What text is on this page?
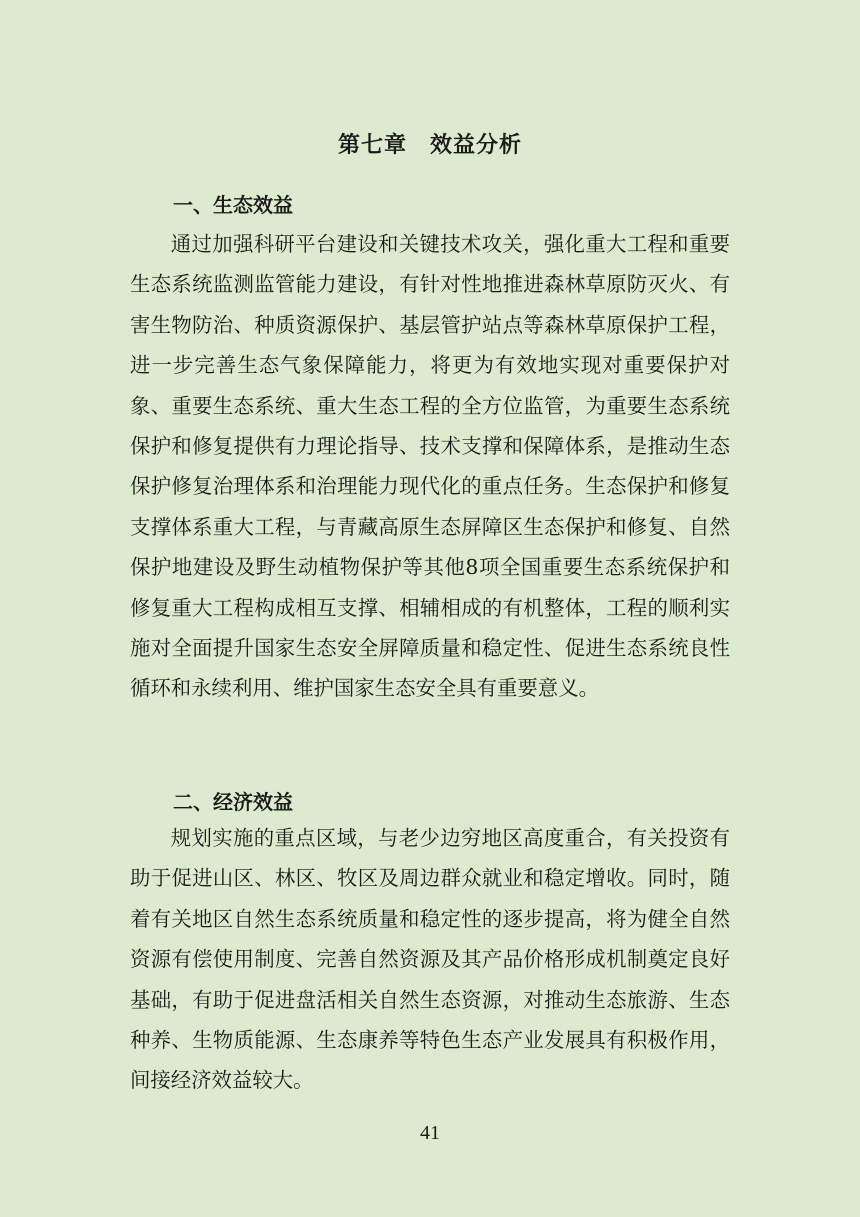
第七章　效益分析
一、生态效益

通过加强科研平台建设和关键技术攻关，强化重大工程和重要生态系统监测监管能力建设，有针对性地推进森林草原防灭火、有害生物防治、种质资源保护、基层管护站点等森林草原保护工程，进一步完善生态气象保障能力，将更为有效地实现对重要保护对象、重要生态系统、重大生态工程的全方位监管，为重要生态系统保护和修复提供有力理论指导、技术支撑和保障体系，是推动生态保护修复治理体系和治理能力现代化的重点任务。生态保护和修复支撑体系重大工程，与青藏高原生态屏障区生态保护和修复、自然保护地建设及野生动植物保护等其他8项全国重要生态系统保护和修复重大工程构成相互支撑、相辅相成的有机整体，工程的顺利实施对全面提升国家生态安全屏障质量和稳定性、促进生态系统良性循环和永续利用、维护国家生态安全具有重要意义。

二、经济效益

规划实施的重点区域，与老少边穷地区高度重合，有关投资有助于促进山区、林区、牧区及周边群众就业和稳定增收。同时，随着有关地区自然生态系统质量和稳定性的逐步提高，将为健全自然资源有偿使用制度、完善自然资源及其产品价格形成机制奠定良好基础，有助于促进盘活相关自然生态资源，对推动生态旅游、生态种养、生物质能源、生态康养等特色生态产业发展具有积极作用，间接经济效益较大。

41
